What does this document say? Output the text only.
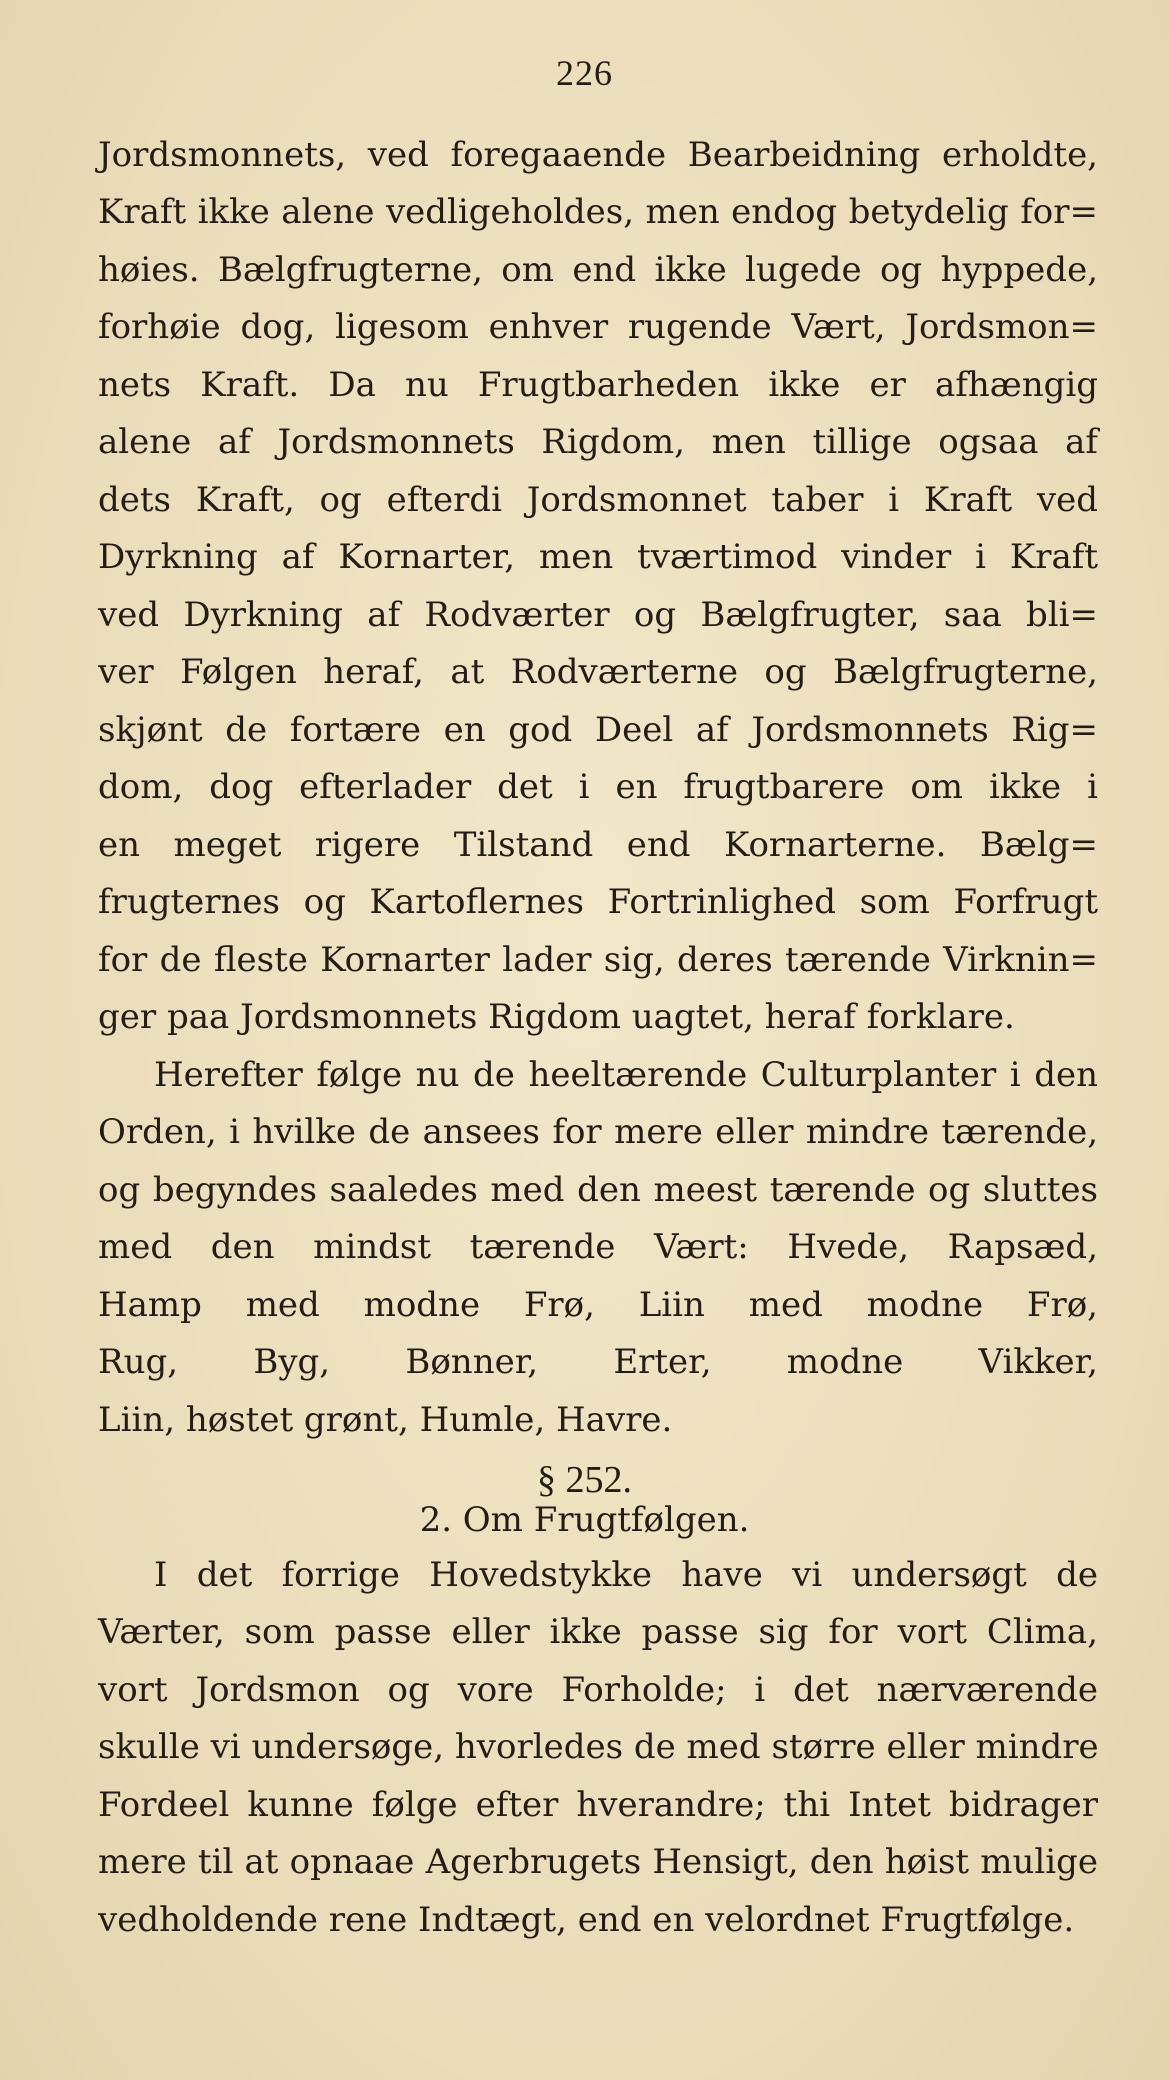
226
Jordsmonnets, ved foregaaende Bearbeidning erholdte,
Kraft ikke alene vedligeholdes, men endog betydelig for=
høies. Bælgfrugterne, om end ikke lugede og hyppede,
forhøie dog, ligesom enhver rugende Vært, Jordsmon=
nets Kraft. Da nu Frugtbarheden ikke er afhængig
alene af Jordsmonnets Rigdom, men tillige ogsaa af
dets Kraft, og efterdi Jordsmonnet taber i Kraft ved
Dyrkning af Kornarter, men tværtimod vinder i Kraft
ved Dyrkning af Rodværter og Bælgfrugter, saa bli=
ver Følgen heraf, at Rodværterne og Bælgfrugterne,
skjønt de fortære en god Deel af Jordsmonnets Rig=
dom, dog efterlader det i en frugtbarere om ikke i
en meget rigere Tilstand end Kornarterne. Bælg=
frugternes og Kartoflernes Fortrinlighed som Forfrugt
for de fleste Kornarter lader sig, deres tærende Virknin=
ger paa Jordsmonnets Rigdom uagtet, heraf forklare.
Herefter følge nu de heeltærende Culturplanter i den
Orden, i hvilke de ansees for mere eller mindre tærende,
og begyndes saaledes med den meest tærende og sluttes
med den mindst tærende Vært: Hvede, Rapsæd,
Hamp med modne Frø, Liin med modne Frø,
Rug, Byg, Bønner, Erter, modne Vikker,
Liin, høstet grønt, Humle, Havre.
§ 252.
2. Om Frugtfølgen.
I det forrige Hovedstykke have vi undersøgt de
Værter, som passe eller ikke passe sig for vort Clima,
vort Jordsmon og vore Forholde; i det nærværende
skulle vi undersøge, hvorledes de med større eller mindre
Fordeel kunne følge efter hverandre; thi Intet bidrager
mere til at opnaae Agerbrugets Hensigt, den høist mulige
vedholdende rene Indtægt, end en velordnet Frugtfølge.
